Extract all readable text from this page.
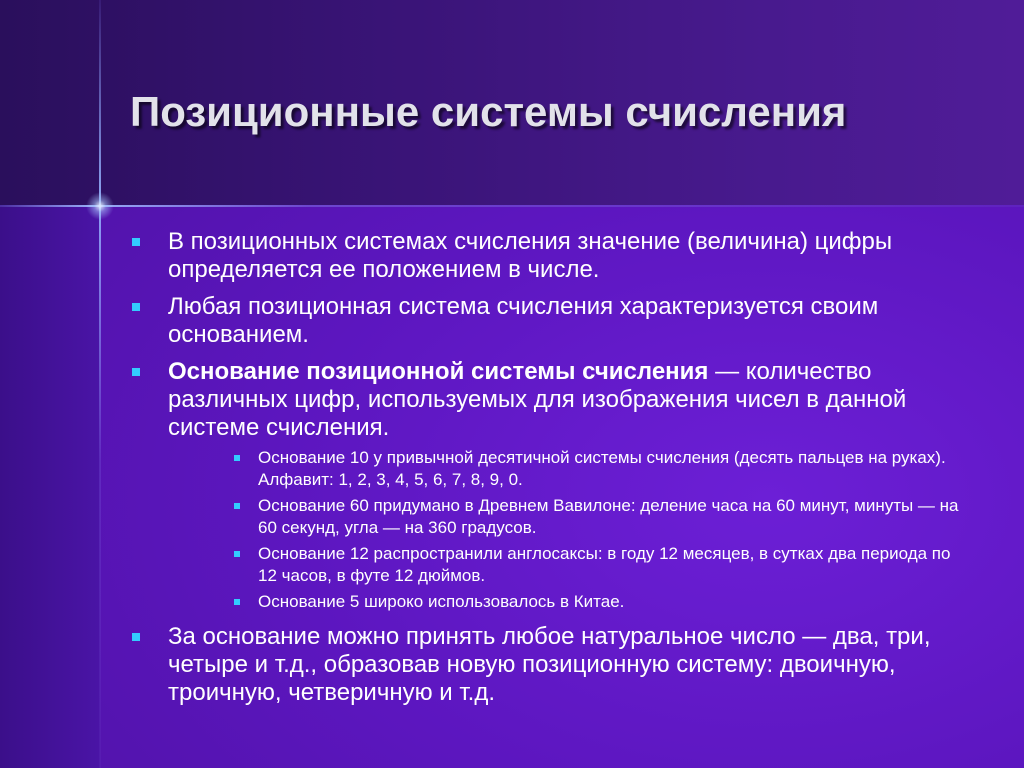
Позиционные системы счисления
В позиционных системах счисления значение (величина) цифры определяется ее положением в числе.
Любая позиционная система счисления характеризуется своим основанием.
Основание позиционной системы счисления — количество различных цифр, используемых для изображения чисел в данной системе счисления.
Основание 10 у привычной десятичной системы счисления (десять пальцев на руках). Алфавит: 1, 2, 3, 4, 5, 6, 7, 8, 9, 0.
Основание 60 придумано в Древнем Вавилоне: деление часа на 60 минут, минуты — на 60 секунд, угла — на 360 градусов.
Основание 12 распространили англосаксы: в году 12 месяцев, в сутках два периода по 12 часов, в футе 12 дюймов.
Основание 5 широко использовалось в Китае.
За основание можно принять любое натуральное число — два, три, четыре и т.д., образовав новую позиционную систему: двоичную, троичную, четверичную и т.д.
